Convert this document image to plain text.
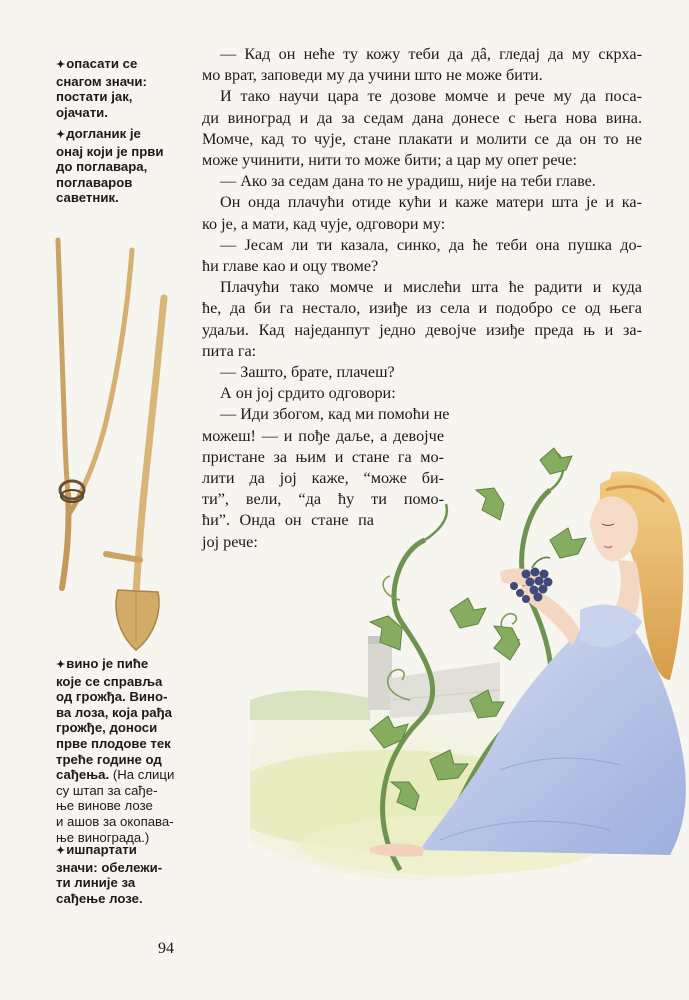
✦опасати се
снагом значи:
постати јак,
ојачати.
✦догланик је
онај који је први
до поглавара,
поглаваров
саветник.
✦вино је пиће
које се справља
од грожђа. Вино-
ва лоза, која рађа
грожђе, доноси
прве плодове тек
треће године од
сађења. (На слици
су штап за сађе-
ње винове лозе
и ашов за окопава-
ње винограда.)
✦ишпартати
значи: обележи-
ти линије за
сађење лозе.
— Кад он неће ту кожу теби да дâ, гледај да му скрха-
мо врат, заповеди му да учини што не може бити.
И тако научи цара те дозове момче и рече му да поса-
ди виноград и да за седам дана донесе с њега нова вина.
Момче, кад то чује, стане плакати и молити се да он то не
може учинити, нити то може бити; а цар му опет рече:
— Ако за седам дана то не урадиш, није на теби главе.
Он онда плачући отиде кући и каже матери шта је и ка-
ко је, а мати, кад чује, одговори му:
— Јесам ли ти казала, синко, да ће теби она пушка до-
ћи главе као и оцу твоме?
Плачући тако момче и мислећи шта ће радити и куда
ће, да би га нестало, изиђе из села и подобро се од њега
удаљи. Кад наједанпут једно девојче изиђе преда њ и за-
пита га:
— Зашто, брате, плачеш?
А он јој срдито одговори:
— Иди збогом, кад ми помоћи не
можеш! — и пође даље, а девојче
пристане за њим и стане га мо-
лити да јој каже, “може би-
ти”, вели, “да ћу ти помо-
ћи”. Онда он стане па
јој рече:
94
